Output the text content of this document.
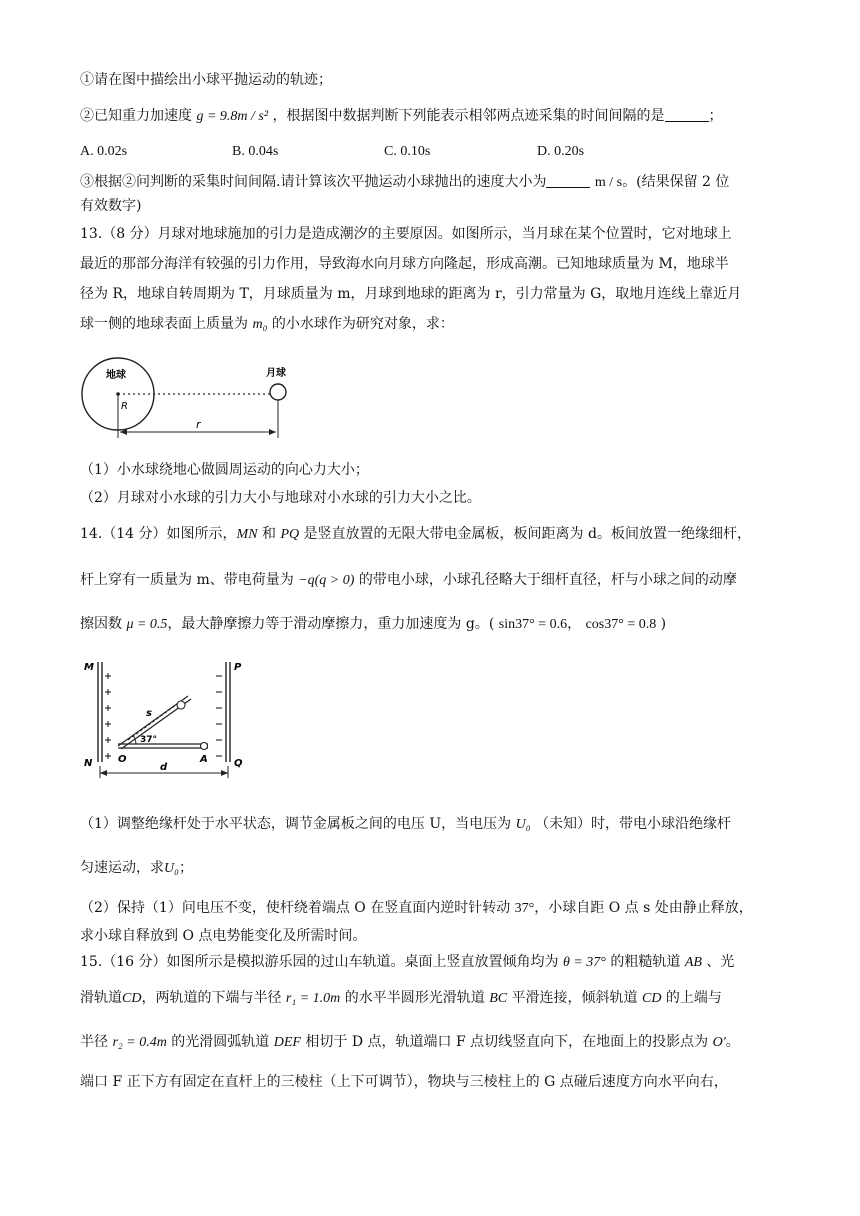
①请在图中描绘出小球平抛运动的轨迹；
②已知重力加速度 g = 9.8m / s² ，根据图中数据判断下列能表示相邻两点迹采集的时间间隔的是	；
A. 0.02s	B. 0.04s	C. 0.10s	D. 0.20s
③根据②问判断的采集时间间隔.请计算该次平抛运动小球抛出的速度大小为	m / s。(结果保留 2 位
有效数字)
13.（8 分）月球对地球施加的引力是造成潮汐的主要原因。如图所示，当月球在某个位置时，它对地球上
最近的那部分海洋有较强的引力作用，导致海水向月球方向隆起，形成高潮。已知地球质量为 M，地球半
径为 R，地球自转周期为 T，月球质量为 m，月球到地球的距离为 r，引力常量为 G，取地月连线上靠近月
球一侧的地球表面上质量为 m₀ 的小水球作为研究对象，求：
地球	月球
R
r
（1）小水球绕地心做圆周运动的向心力大小；
（2）月球对小水球的引力大小与地球对小水球的引力大小之比。
14.（14 分）如图所示，MN 和 PQ 是竖直放置的无限大带电金属板，板间距离为 d。板间放置一绝缘细杆，
杆上穿有一质量为 m、带电荷量为 −q(q > 0) 的带电小球，小球孔径略大于细杆直径，杆与小球之间的动摩
擦因数 μ = 0.5，最大静摩擦力等于滑动摩擦力，重力加速度为 g。( sin37° = 0.6， cos37° = 0.8 )
M
N
P
Q
O	A
s
37°
d
（1）调整绝缘杆处于水平状态，调节金属板之间的电压 U，当电压为 U₀ （未知）时，带电小球沿绝缘杆
匀速运动，求U₀；
（2）保持（1）问电压不变，使杆绕着端点 O 在竖直面内逆时针转动 37°，小球自距 O 点 s 处由静止释放，
求小球自释放到 O 点电势能变化及所需时间。
15.（16 分）如图所示是模拟游乐园的过山车轨道。桌面上竖直放置倾角均为 θ = 37° 的粗糙轨道 AB 、光
滑轨道CD，两轨道的下端与半径 r₁ = 1.0m 的水平半圆形光滑轨道 BC 平滑连接，倾斜轨道 CD 的上端与
半径 r₂ = 0.4m 的光滑圆弧轨道 DEF 相切于 D 点，轨道端口 F 点切线竖直向下，在地面上的投影点为 O′。
端口 F 正下方有固定在直杆上的三棱柱（上下可调节），物块与三棱柱上的 G 点碰后速度方向水平向右，
